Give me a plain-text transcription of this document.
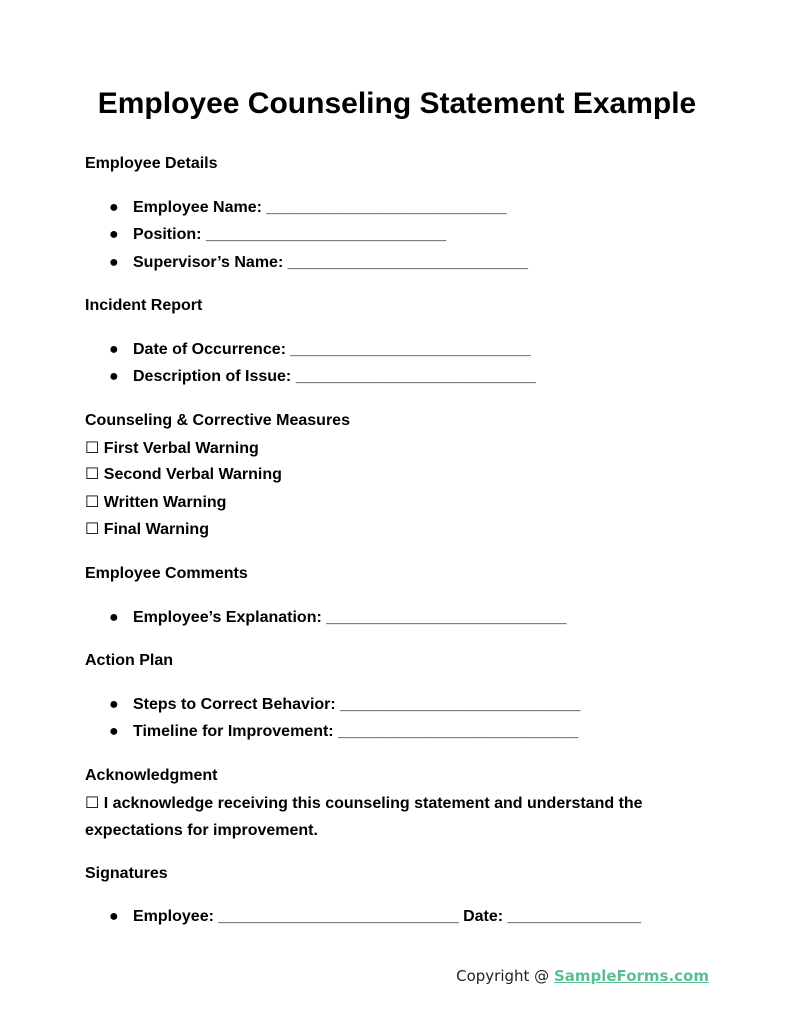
Employee Counseling Statement Example
Employee Details
● Employee Name: ___________________________
● Position: ___________________________
● Supervisor’s Name: ___________________________
Incident Report
● Date of Occurrence: ___________________________
● Description of Issue: ___________________________
Counseling & Corrective Measures
☐ First Verbal Warning
☐ Second Verbal Warning
☐ Written Warning
☐ Final Warning
Employee Comments
● Employee’s Explanation: ___________________________
Action Plan
● Steps to Correct Behavior: ___________________________
● Timeline for Improvement: ___________________________
Acknowledgment
☐ I acknowledge receiving this counseling statement and understand the expectations for improvement.
Signatures
● Employee: ___________________________ Date: _______________
Copyright @ SampleForms.com
